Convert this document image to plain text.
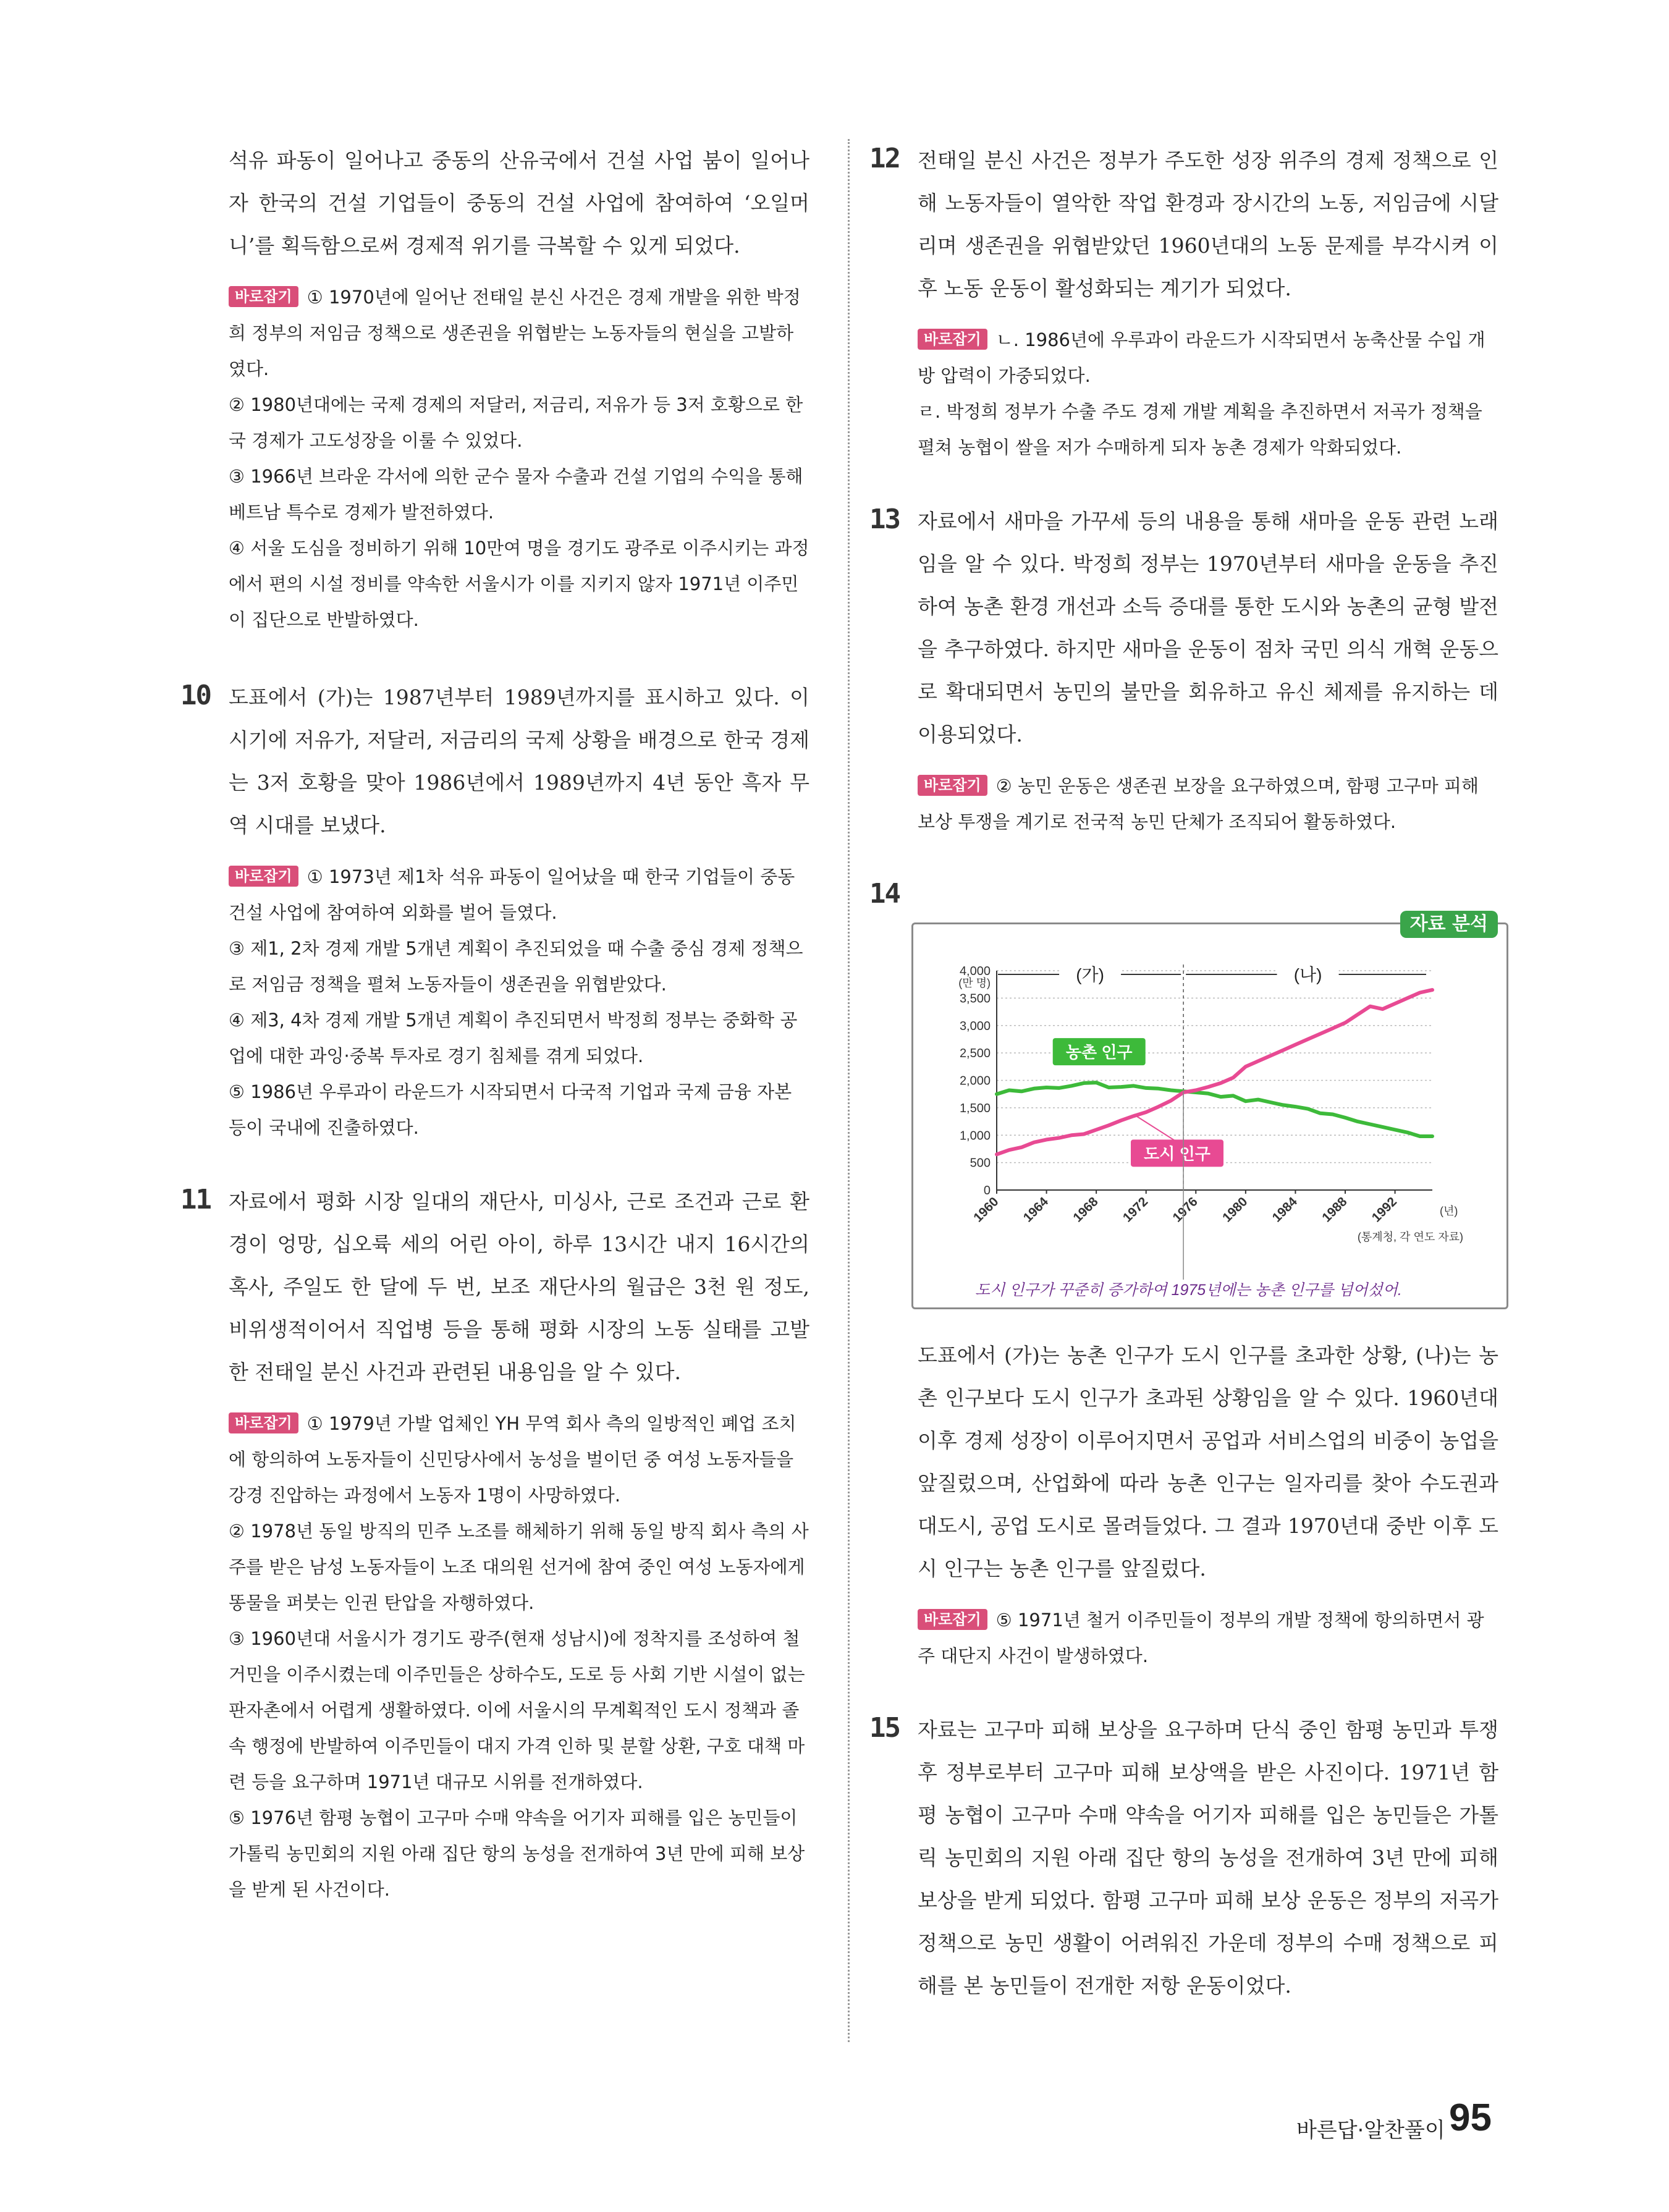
석유 파동이 일어나고 중동의 산유국에서 건설 사업 붐이 일어나자 한국의 건설 기업들이 중동의 건설 사업에 참여하여 ‘오일머니’를 획득함으로써 경제적 위기를 극복할 수 있게 되었다.

바로잡기 ① 1970년에 일어난 전태일 분신 사건은 경제 개발을 위한 박정희 정부의 저임금 정책으로 생존권을 위협받는 노동자들의 현실을 고발하였다.

② 1980년대에는 국제 경제의 저달러, 저금리, 저유가 등 3저 호황으로 한국 경제가 고도성장을 이룰 수 있었다.

③ 1966년 브라운 각서에 의한 군수 물자 수출과 건설 기업의 수익을 통해 베트남 특수로 경제가 발전하였다.

④ 서울 도심을 정비하기 위해 10만여 명을 경기도 광주로 이주시키는 과정에서 편의 시설 정비를 약속한 서울시가 이를 지키지 않자 1971년 이주민이 집단으로 반발하였다.

10 도표에서 (가)는 1987년부터 1989년까지를 표시하고 있다. 이 시기에 저유가, 저달러, 저금리의 국제 상황을 배경으로 한국 경제는 3저 호황을 맞아 1986년에서 1989년까지 4년 동안 흑자 무역 시대를 보냈다.

바로잡기 ① 1973년 제1차 석유 파동이 일어났을 때 한국 기업들이 중동 건설 사업에 참여하여 외화를 벌어 들였다.

③ 제1, 2차 경제 개발 5개년 계획이 추진되었을 때 수출 중심 경제 정책으로 저임금 정책을 펼쳐 노동자들이 생존권을 위협받았다.

④ 제3, 4차 경제 개발 5개년 계획이 추진되면서 박정희 정부는 중화학 공업에 대한 과잉·중복 투자로 경기 침체를 겪게 되었다.

⑤ 1986년 우루과이 라운드가 시작되면서 다국적 기업과 국제 금융 자본 등이 국내에 진출하였다.

11 자료에서 평화 시장 일대의 재단사, 미싱사, 근로 조건과 근로 환경이 엉망, 십오륙 세의 어린 아이, 하루 13시간 내지 16시간의 혹사, 주일도 한 달에 두 번, 보조 재단사의 월급은 3천 원 정도, 비위생적이어서 직업병 등을 통해 평화 시장의 노동 실태를 고발한 전태일 분신 사건과 관련된 내용임을 알 수 있다.

바로잡기 ① 1979년 가발 업체인 YH 무역 회사 측의 일방적인 폐업 조치에 항의하여 노동자들이 신민당사에서 농성을 벌이던 중 여성 노동자들을 강경 진압하는 과정에서 노동자 1명이 사망하였다.

② 1978년 동일 방직의 민주 노조를 해체하기 위해 동일 방직 회사 측의 사주를 받은 남성 노동자들이 노조 대의원 선거에 참여 중인 여성 노동자에게 똥물을 퍼붓는 인권 탄압을 자행하였다.

③ 1960년대 서울시가 경기도 광주(현재 성남시)에 정착지를 조성하여 철거민을 이주시켰는데 이주민들은 상하수도, 도로 등 사회 기반 시설이 없는 판자촌에서 어렵게 생활하였다. 이에 서울시의 무계획적인 도시 정책과 졸속 행정에 반발하여 이주민들이 대지 가격 인하 및 분할 상환, 구호 대책 마련 등을 요구하며 1971년 대규모 시위를 전개하였다.

⑤ 1976년 함평 농협이 고구마 수매 약속을 어기자 피해를 입은 농민들이 가톨릭 농민회의 지원 아래 집단 항의 농성을 전개하여 3년 만에 피해 보상을 받게 된 사건이다.

12 전태일 분신 사건은 정부가 주도한 성장 위주의 경제 정책으로 인해 노동자들이 열악한 작업 환경과 장시간의 노동, 저임금에 시달리며 생존권을 위협받았던 1960년대의 노동 문제를 부각시켜 이후 노동 운동이 활성화되는 계기가 되었다.

바로잡기 ㄴ. 1986년에 우루과이 라운드가 시작되면서 농축산물 수입 개방 압력이 가중되었다.

ㄹ. 박정희 정부가 수출 주도 경제 개발 계획을 추진하면서 저곡가 정책을 펼쳐 농협이 쌀을 저가 수매하게 되자 농촌 경제가 악화되었다.

13 자료에서 새마을 가꾸세 등의 내용을 통해 새마을 운동 관련 노래임을 알 수 있다. 박정희 정부는 1970년부터 새마을 운동을 추진하여 농촌 환경 개선과 소득 증대를 통한 도시와 농촌의 균형 발전을 추구하였다. 하지만 새마을 운동이 점차 국민 의식 개혁 운동으로 확대되면서 농민의 불만을 회유하고 유신 체제를 유지하는 데 이용되었다.

바로잡기 ② 농민 운동은 생존권 보장을 요구하였으며, 함평 고구마 피해 보상 투쟁을 계기로 전국적 농민 단체가 조직되어 활동하였다.

14
자료 분석
0
500
1,000
1,500
2,000
2,500
3,000
3,500
4,000
(만 명)
1960 1964 1968 1972 1976 1980 1984 1988 1992	(년)
(통계청, 각 연도 자료)
(가)	(나)
농촌 인구
도시 인구
도시 인구가 꾸준히 증가하여 1975년에는 농촌 인구를 넘어섰어.

도표에서 (가)는 농촌 인구가 도시 인구를 초과한 상황, (나)는 농촌 인구보다 도시 인구가 초과된 상황임을 알 수 있다. 1960년대 이후 경제 성장이 이루어지면서 공업과 서비스업의 비중이 농업을 앞질렀으며, 산업화에 따라 농촌 인구는 일자리를 찾아 수도권과 대도시, 공업 도시로 몰려들었다. 그 결과 1970년대 중반 이후 도시 인구는 농촌 인구를 앞질렀다.

바로잡기 ⑤ 1971년 철거 이주민들이 정부의 개발 정책에 항의하면서 광주 대단지 사건이 발생하였다.

15 자료는 고구마 피해 보상을 요구하며 단식 중인 함평 농민과 투쟁 후 정부로부터 고구마 피해 보상액을 받은 사진이다. 1971년 함평 농협이 고구마 수매 약속을 어기자 피해를 입은 농민들은 가톨릭 농민회의 지원 아래 집단 항의 농성을 전개하여 3년 만에 피해 보상을 받게 되었다. 함평 고구마 피해 보상 운동은 정부의 저곡가 정책으로 농민 생활이 어려워진 가운데 정부의 수매 정책으로 피해를 본 농민들이 전개한 저항 운동이었다.

바른답·알찬풀이 95
